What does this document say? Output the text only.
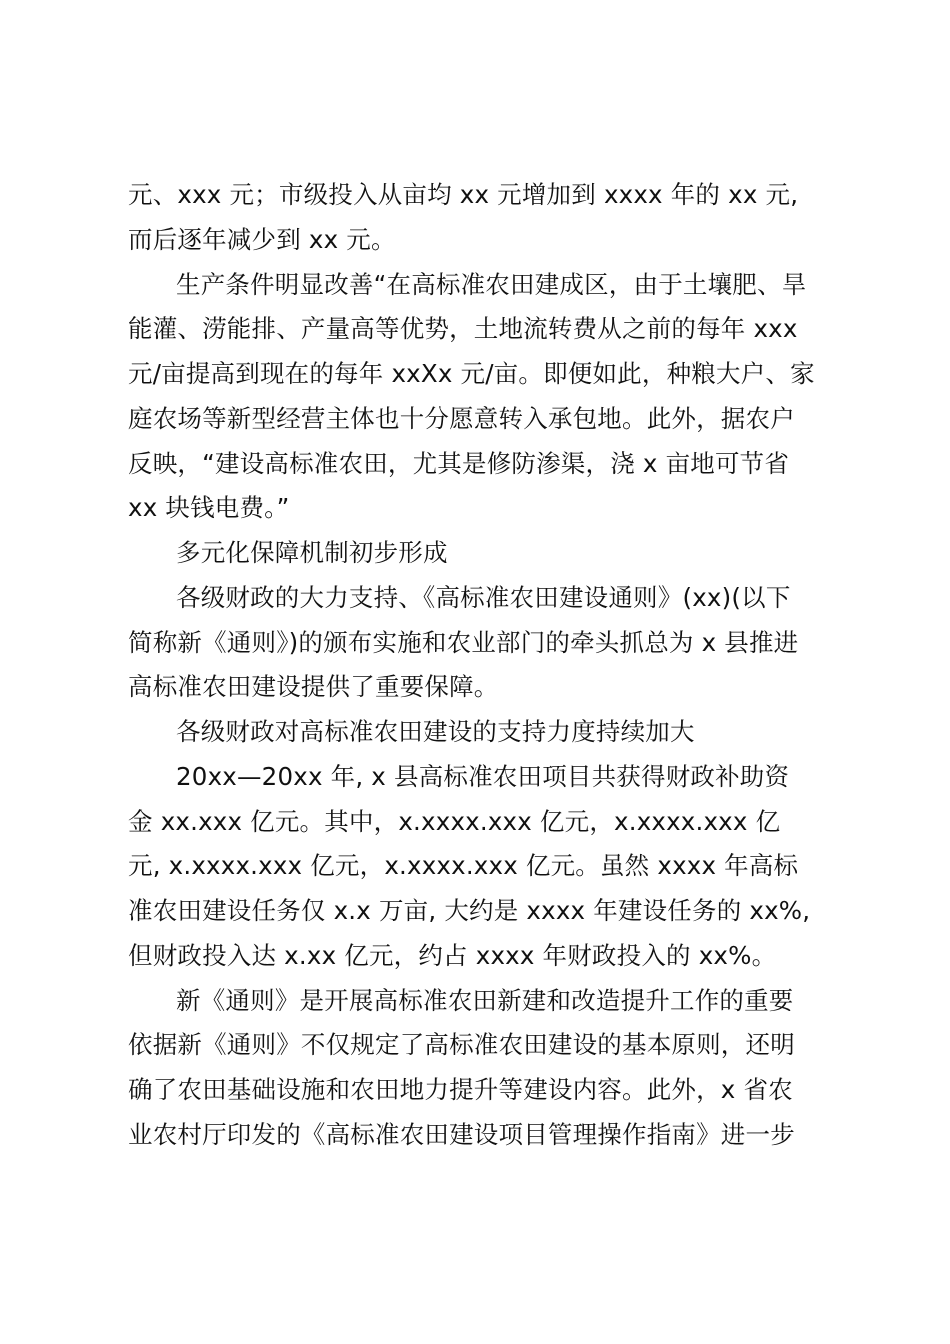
元、xxx 元；市级投入从亩均 xx 元增加到 xxxx 年的 xx 元,
而后逐年减少到 xx 元。
生产条件明显改善“在高标准农田建成区，由于土壤肥、旱
能灌、涝能排、产量高等优势，土地流转费从之前的每年 xxx
元/亩提高到现在的每年 xxXx 元/亩。即便如此，种粮大户、家
庭农场等新型经营主体也十分愿意转入承包地。此外，据农户
反映，“建设高标准农田，尤其是修防渗渠，浇 x 亩地可节省
xx 块钱电费。”
多元化保障机制初步形成
各级财政的大力支持、《高标准农田建设通则》(xx)(以下
简称新《通则》)的颁布实施和农业部门的牵头抓总为 x 县推进
高标准农田建设提供了重要保障。
各级财政对高标准农田建设的支持力度持续加大
20xx—20xx 年, x 县高标准农田项目共获得财政补助资
金 xx.xxx 亿元。其中，x.xxxx.xxx 亿元，x.xxxx.xxx 亿
元, x.xxxx.xxx 亿元，x.xxxx.xxx 亿元。虽然 xxxx 年高标
准农田建设任务仅 x.x 万亩, 大约是 xxxx 年建设任务的 xx%,
但财政投入达 x.xx 亿元，约占 xxxx 年财政投入的 xx%。
新《通则》是开展高标准农田新建和改造提升工作的重要
依据新《通则》不仅规定了高标准农田建设的基本原则，还明
确了农田基础设施和农田地力提升等建设内容。此外，x 省农
业农村厅印发的《高标准农田建设项目管理操作指南》进一步
